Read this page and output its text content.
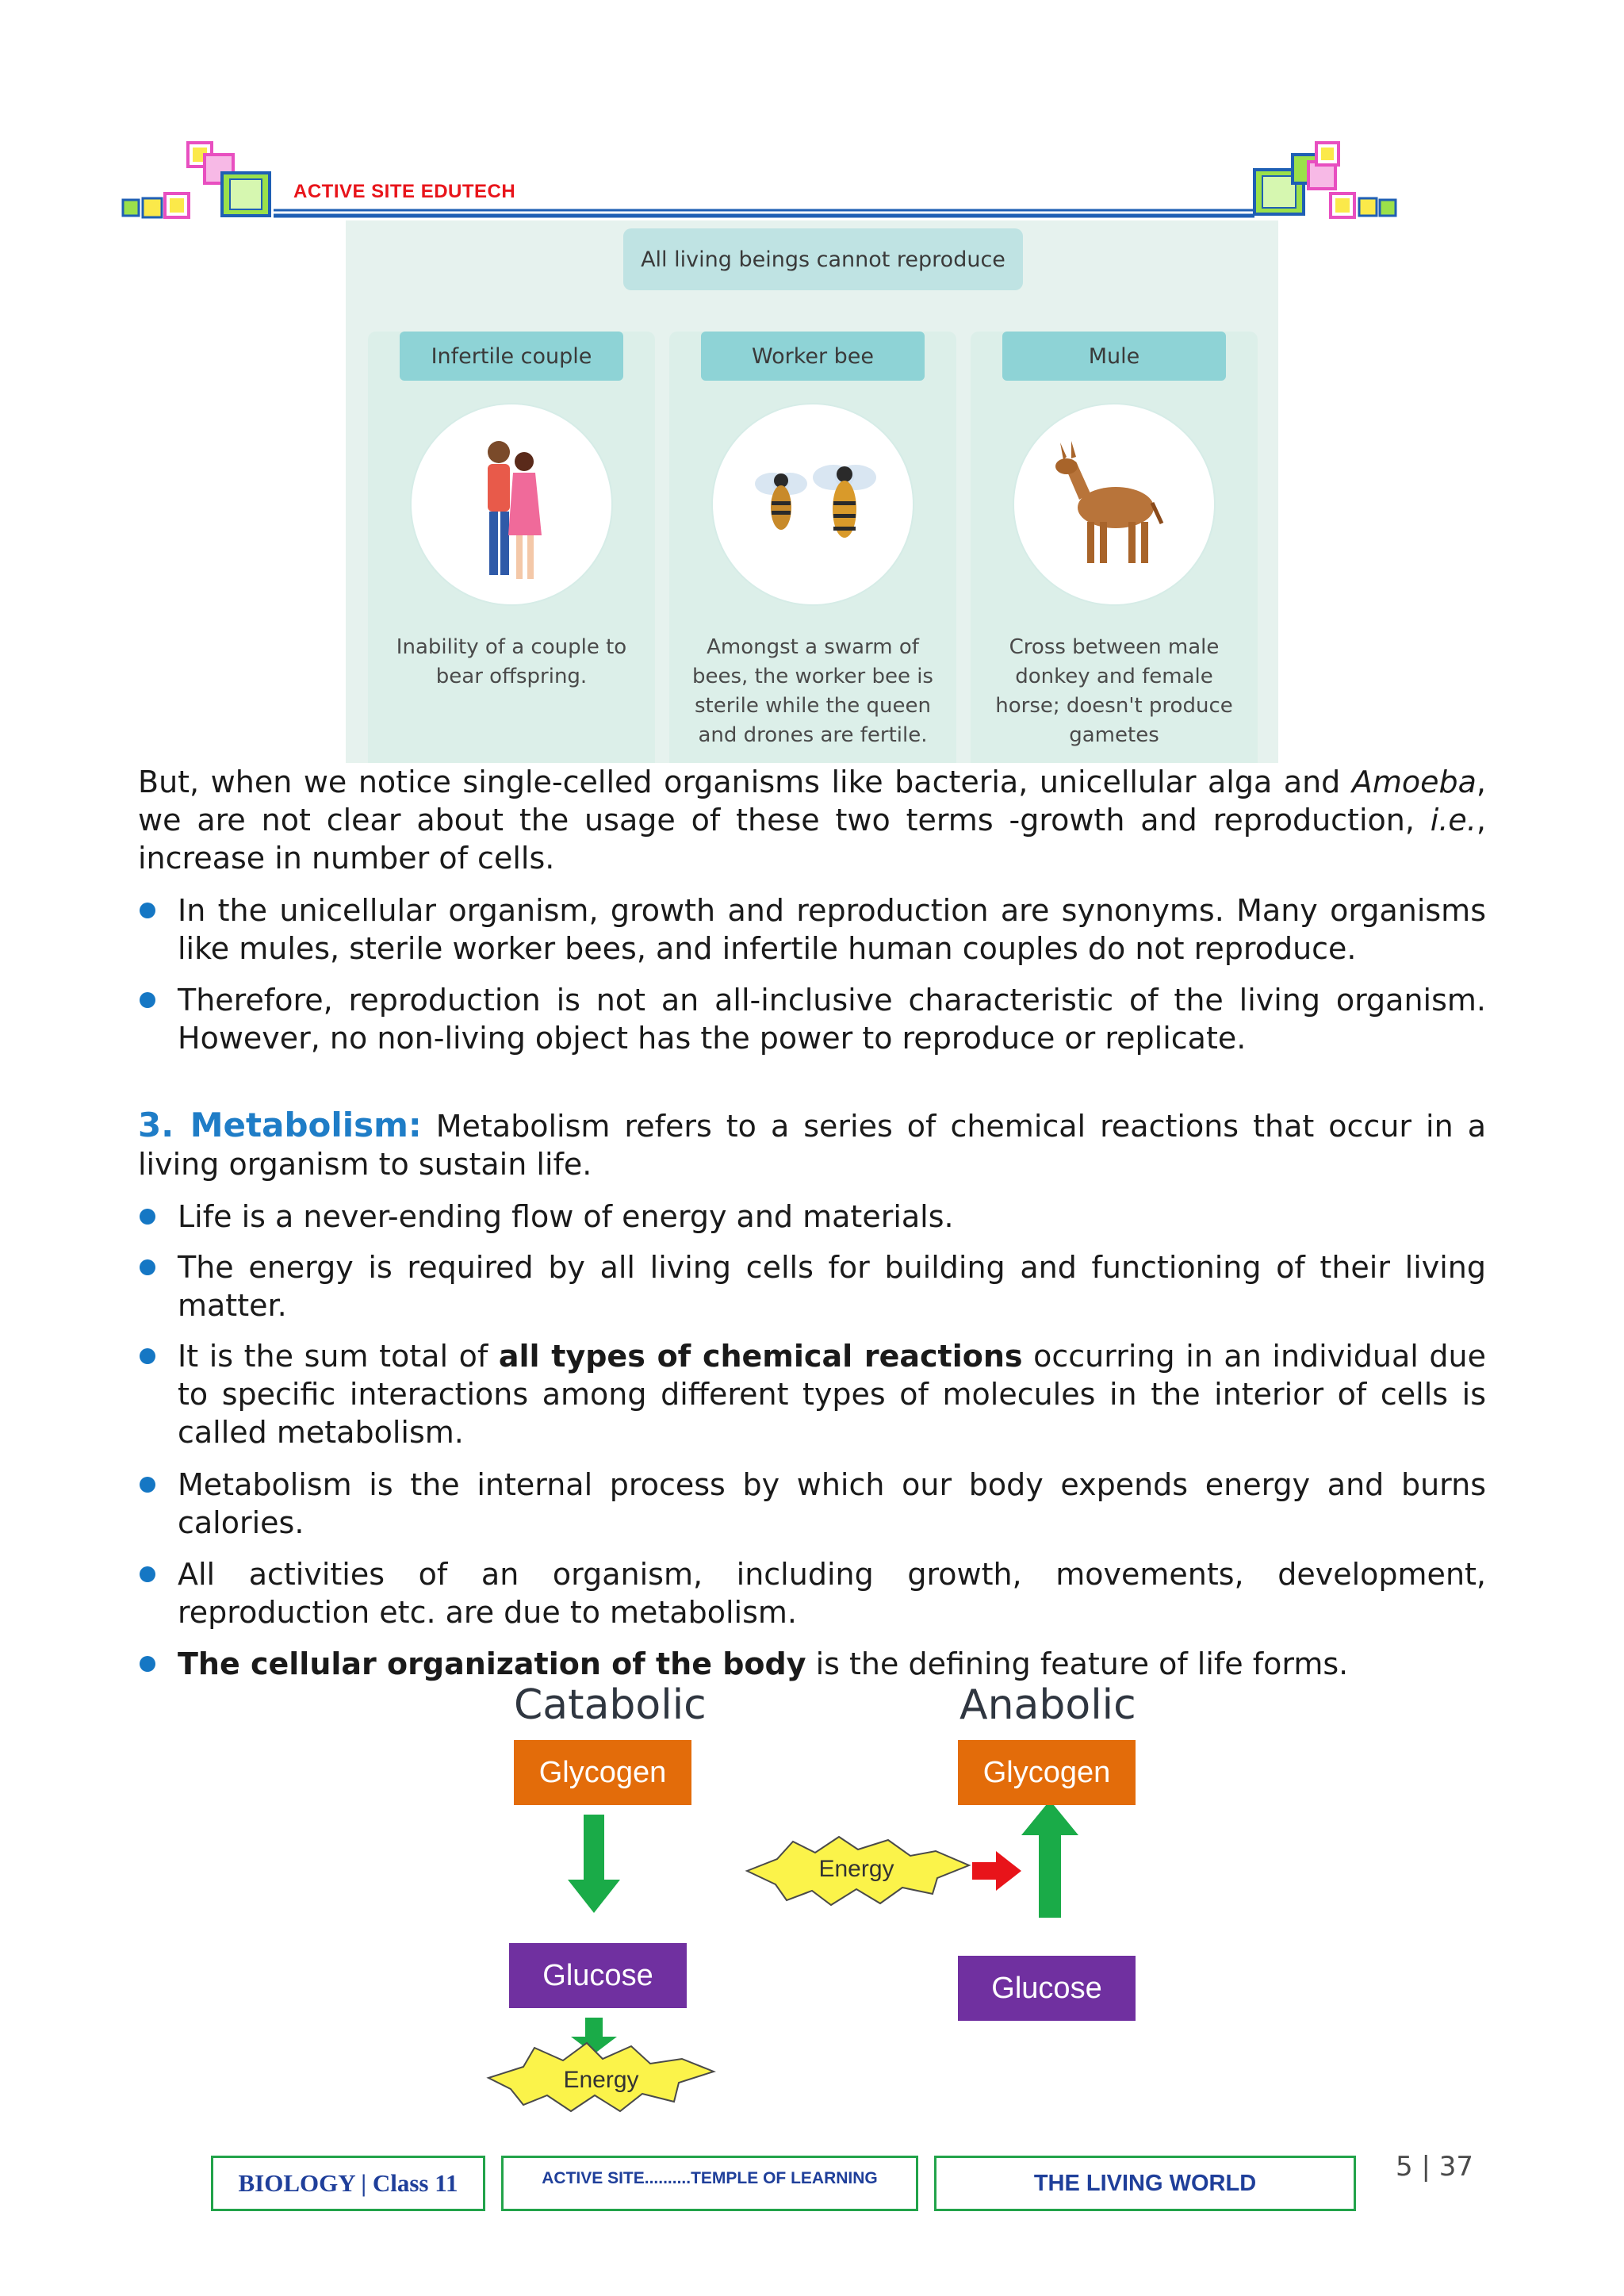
ACTIVE SITE EDUTECH
All living beings cannot reproduce
Infertile couple
Inability of a couple to bear offspring.
Worker bee
Amongst a swarm of bees, the worker bee is sterile while the queen and drones are fertile.
Mule
Cross between male donkey and female horse; doesn't produce gametes
But, when we notice single-celled organisms like bacteria, unicellular alga and Amoeba, we are not clear about the usage of these two terms -growth and reproduction, i.e., increase in number of cells.
In the unicellular organism, growth and reproduction are synonyms. Many organisms like mules, sterile worker bees, and infertile human couples do not reproduce.
Therefore, reproduction is not an all-inclusive characteristic of the living organism. However, no non-living object has the power to reproduce or replicate.
3. Metabolism: Metabolism refers to a series of chemical reactions that occur in a living organism to sustain life.
Life is a never-ending flow of energy and materials.
The energy is required by all living cells for building and functioning of their living matter.
It is the sum total of all types of chemical reactions occurring in an individual due to specific interactions among different types of molecules in the interior of cells is called metabolism.
Metabolism is the internal process by which our body expends energy and burns calories.
All activities of an organism, including growth, movements, development, reproduction etc. are due to metabolism.
The cellular organization of the body is the defining feature of life forms.
Catabolic	Anabolic
Glycogen
Glucose
Glycogen
Glucose
Energy
Energy
BIOLOGY | Class 11	ACTIVE SITE..........TEMPLE OF LEARNING	THE LIVING WORLD
5 | 37
